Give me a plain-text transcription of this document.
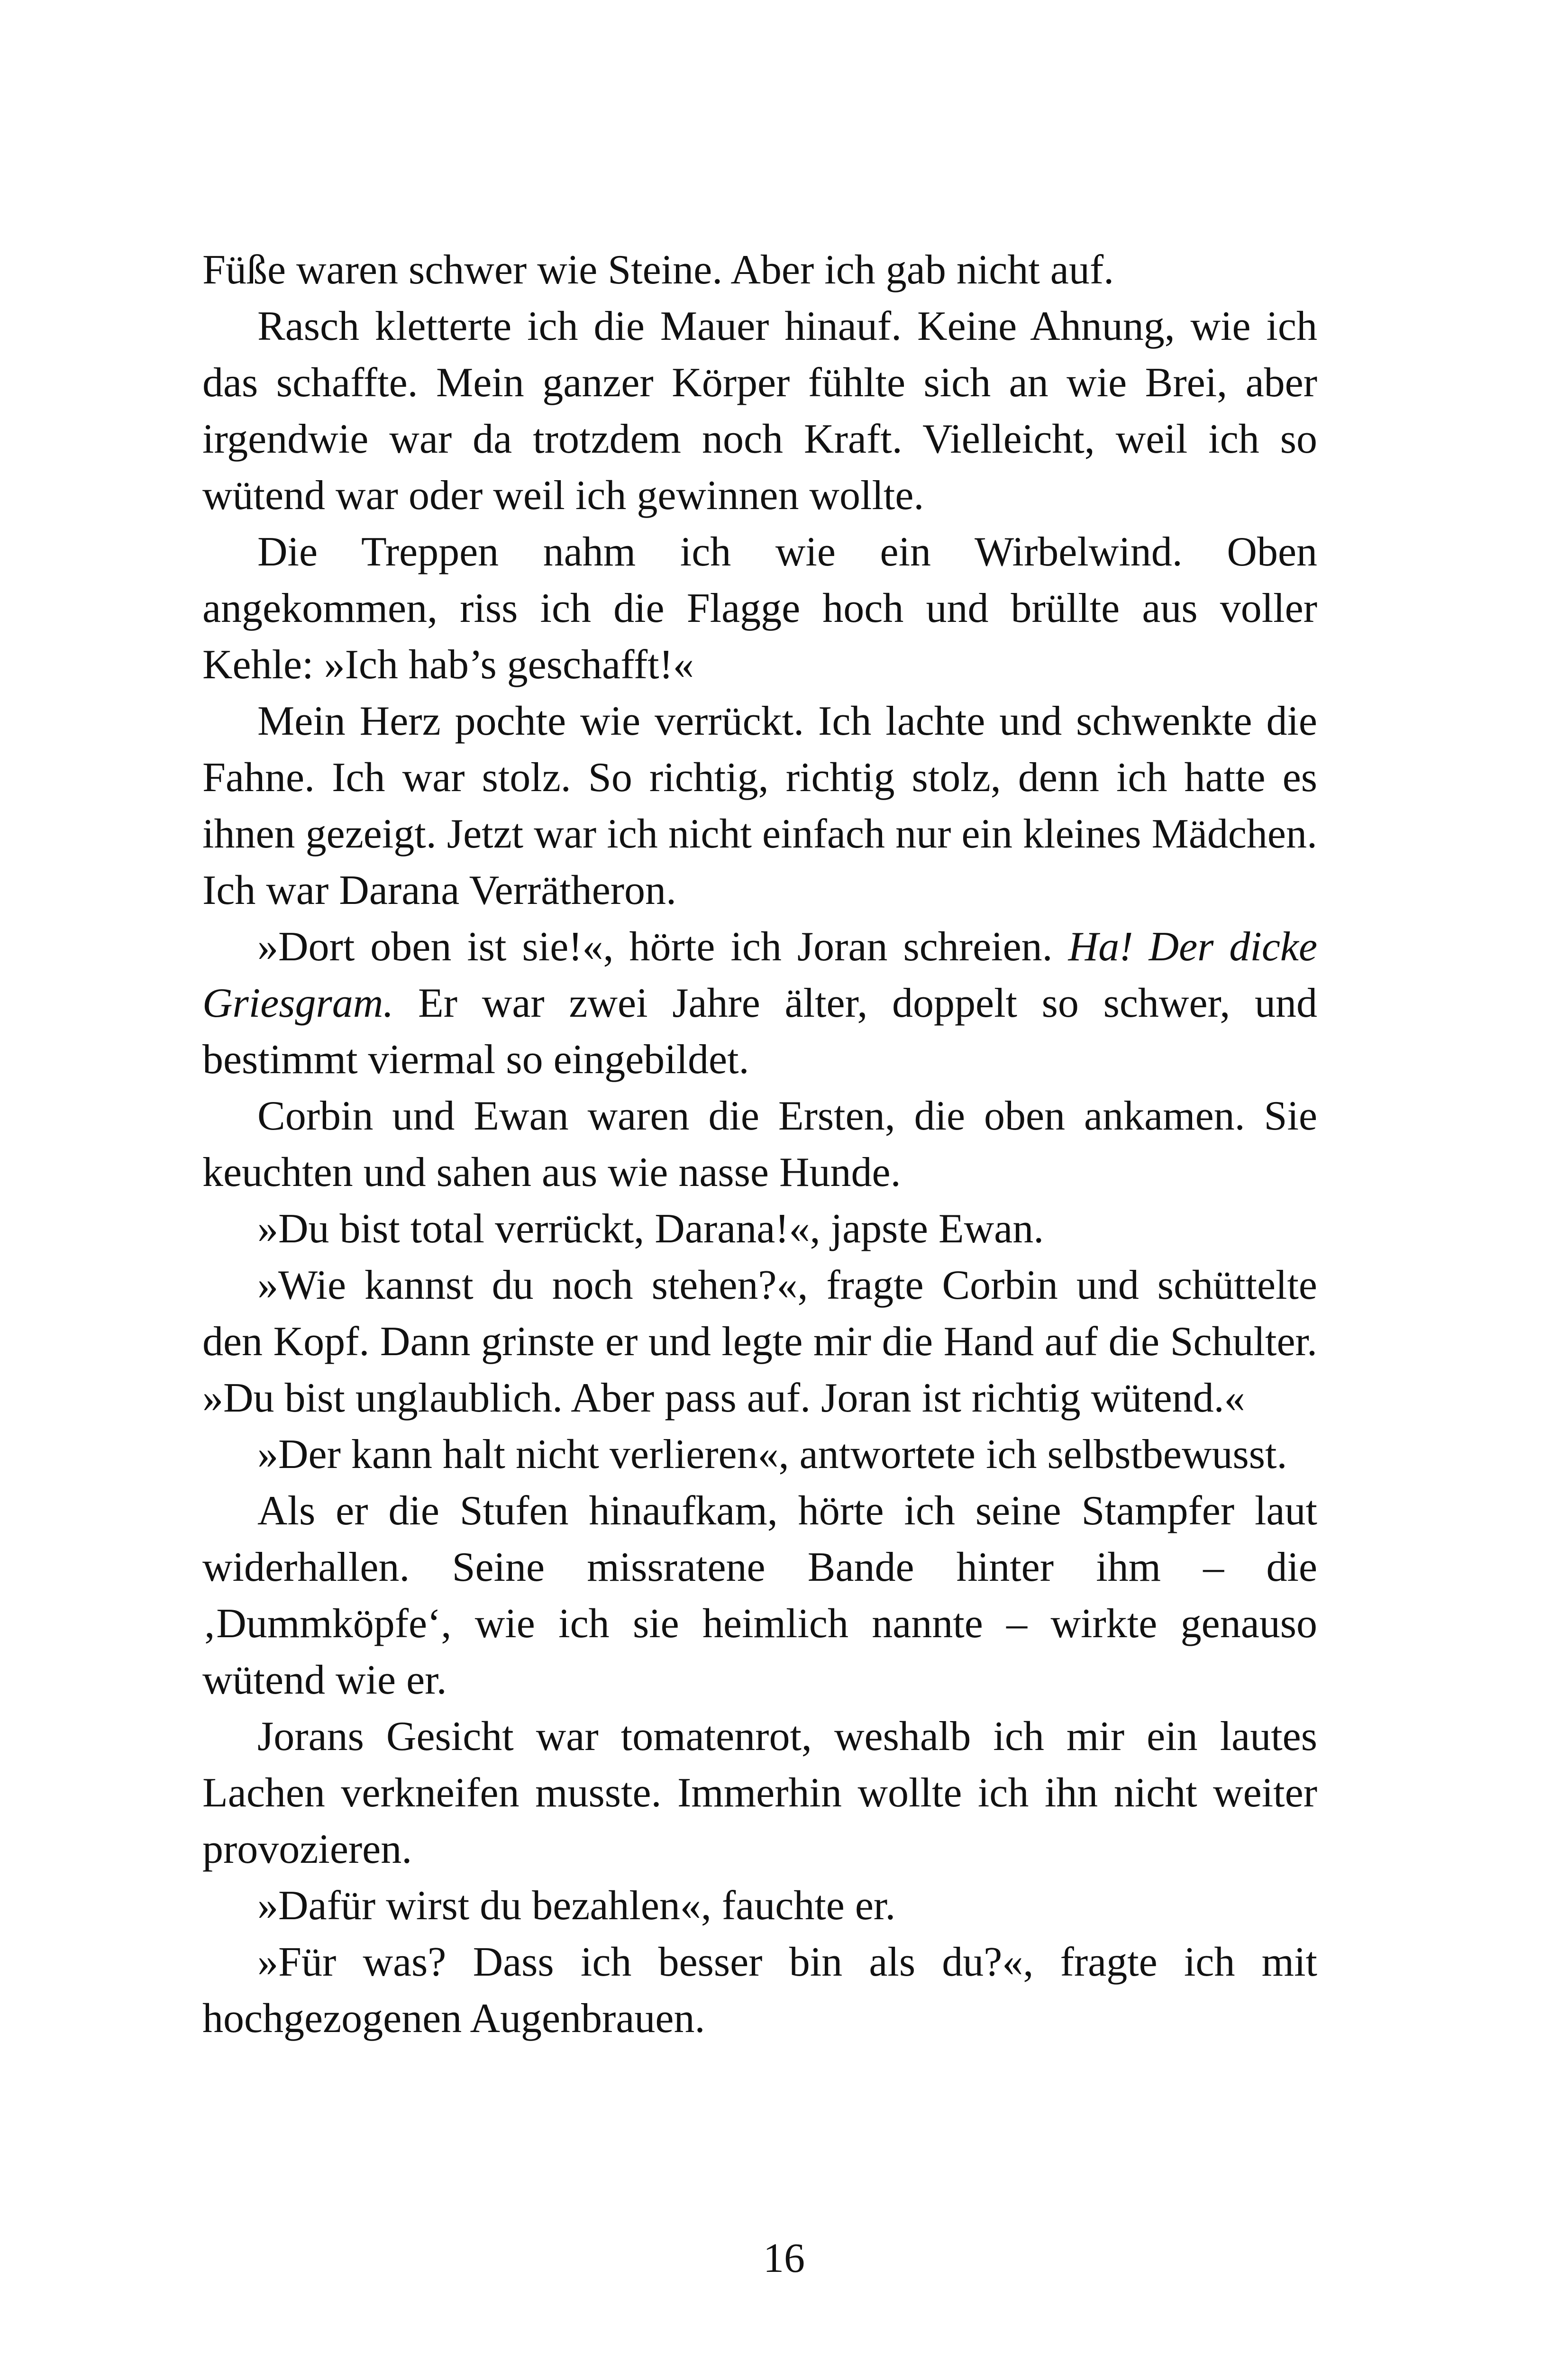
Füße waren schwer wie Steine. Aber ich gab nicht auf.

Rasch kletterte ich die Mauer hinauf. Keine Ahnung, wie ich das schaffte. Mein ganzer Körper fühlte sich an wie Brei, aber irgendwie war da trotzdem noch Kraft. Vielleicht, weil ich so wütend war oder weil ich gewinnen wollte.

Die Treppen nahm ich wie ein Wirbelwind. Oben angekommen, riss ich die Flagge hoch und brüllte aus voller Kehle: »Ich hab’s geschafft!«

Mein Herz pochte wie verrückt. Ich lachte und schwenkte die Fahne. Ich war stolz. So richtig, richtig stolz, denn ich hatte es ihnen gezeigt. Jetzt war ich nicht einfach nur ein kleines Mädchen. Ich war Darana Verrätheron.

»Dort oben ist sie!«, hörte ich Joran schreien. Ha! Der dicke Griesgram. Er war zwei Jahre älter, doppelt so schwer, und bestimmt viermal so eingebildet.

Corbin und Ewan waren die Ersten, die oben ankamen. Sie keuchten und sahen aus wie nasse Hunde.

»Du bist total verrückt, Darana!«, japste Ewan.

»Wie kannst du noch stehen?«, fragte Corbin und schüttelte den Kopf. Dann grinste er und legte mir die Hand auf die Schulter. »Du bist unglaublich. Aber pass auf. Joran ist richtig wütend.«

»Der kann halt nicht verlieren«, antwortete ich selbstbewusst.

Als er die Stufen hinaufkam, hörte ich seine Stampfer laut widerhallen. Seine missratene Bande hinter ihm – die ‚Dummköpfe‘, wie ich sie heimlich nannte – wirkte genauso wütend wie er.

Jorans Gesicht war tomatenrot, weshalb ich mir ein lautes Lachen verkneifen musste. Immerhin wollte ich ihn nicht weiter provozieren.

»Dafür wirst du bezahlen«, fauchte er.

»Für was? Dass ich besser bin als du?«, fragte ich mit hochgezogenen Augenbrauen.

16
